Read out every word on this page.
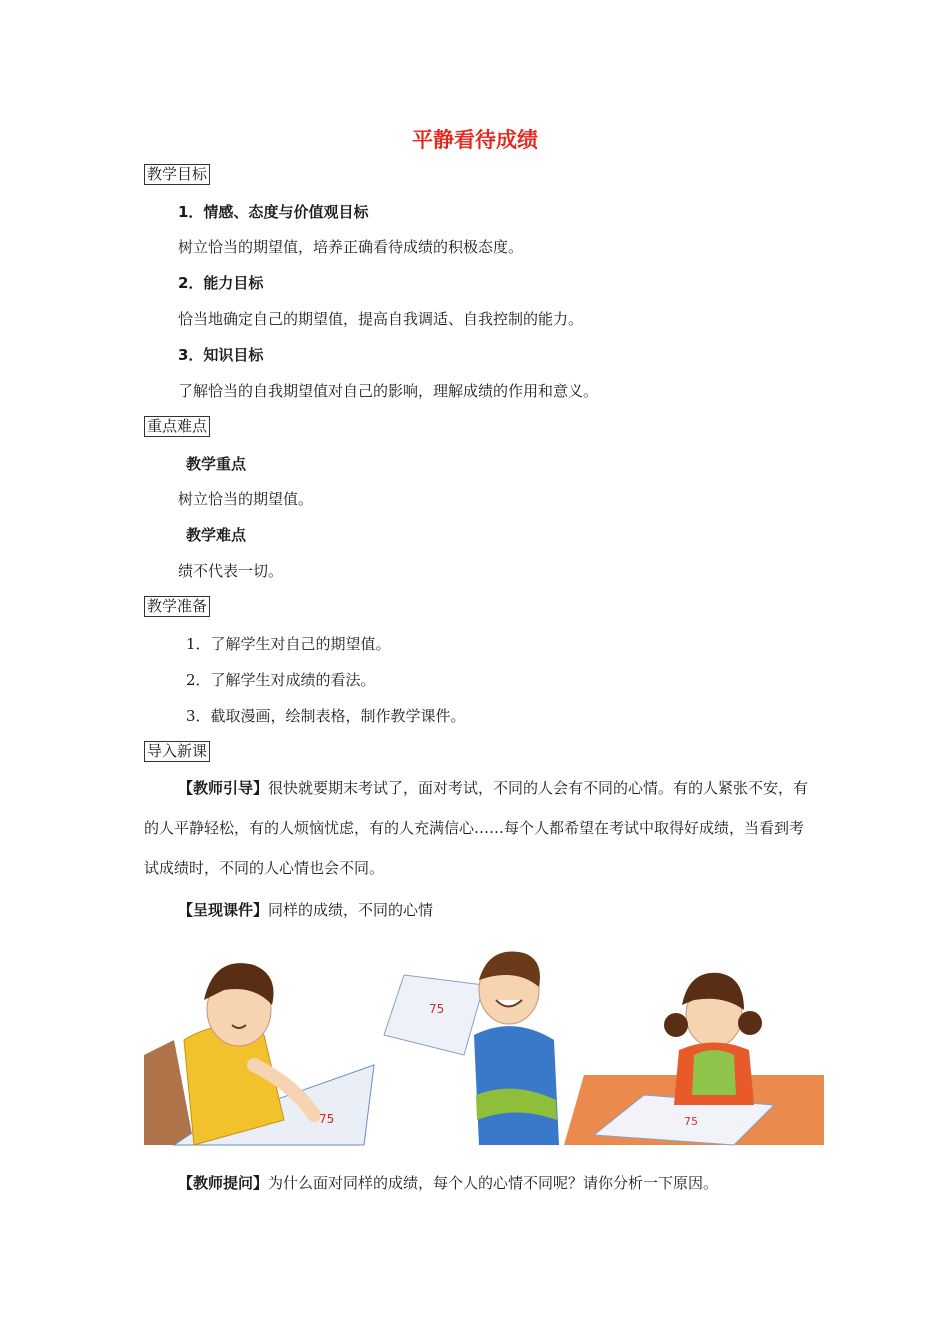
平静看待成绩
教学目标
1．情感、态度与价值观目标
树立恰当的期望值，培养正确看待成绩的积极态度。
2．能力目标
恰当地确定自己的期望值，提高自我调适、自我控制的能力。
3．知识目标
了解恰当的自我期望值对自己的影响，理解成绩的作用和意义。
重点难点
教学重点
树立恰当的期望值。
教学难点
绩不代表一切。
教学准备
1．了解学生对自己的期望值。
2．了解学生对成绩的看法。
3．截取漫画，绘制表格，制作教学课件。
导入新课
【教师引导】很快就要期末考试了，面对考试，不同的人会有不同的心情。有的人紧张不安，有的人平静轻松，有的人烦恼忧虑，有的人充满信心……每个人都希望在考试中取得好成绩，当看到考试成绩时，不同的人心情也会不同。
【呈现课件】同样的成绩，不同的心情
75
75
75
【教师提问】为什么面对同样的成绩，每个人的心情不同呢？请你分析一下原因。
